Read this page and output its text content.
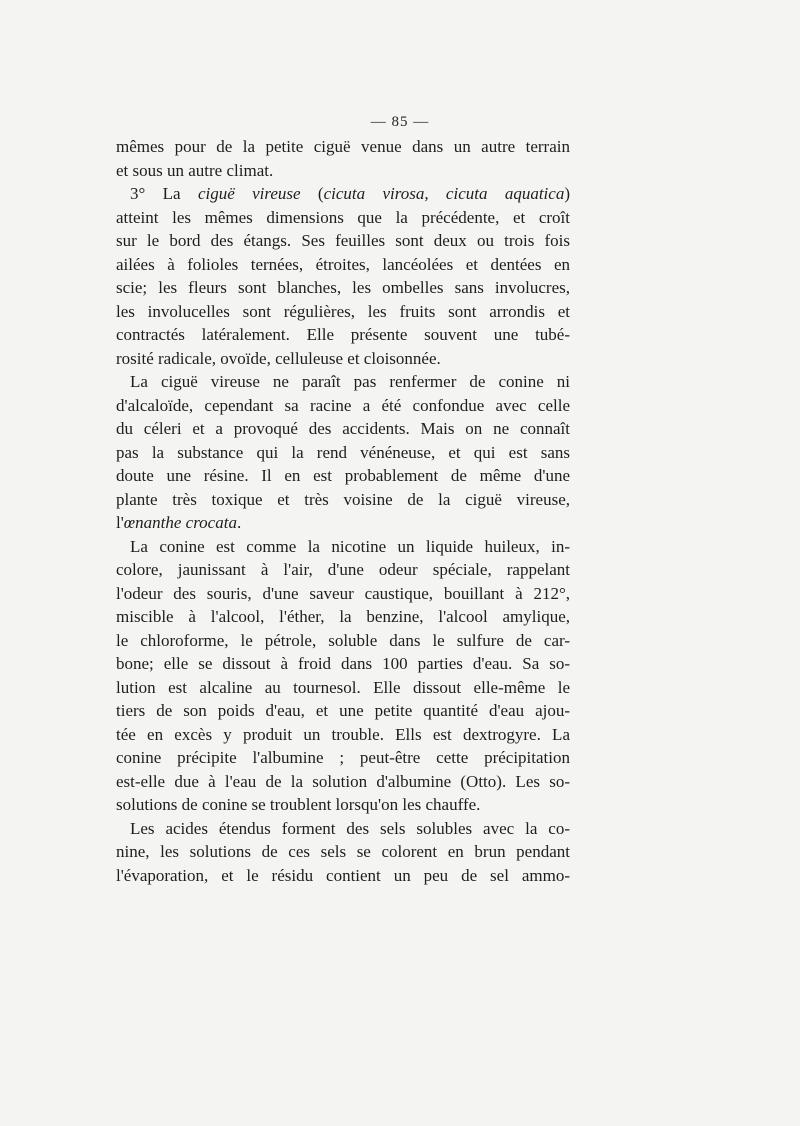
— 85 —
mêmes pour de la petite ciguë venue dans un autre terrain
et sous un autre climat.
3° La ciguë vireuse (cicuta virosa, cicuta aquatica)
atteint les mêmes dimensions que la précédente, et croît
sur le bord des étangs. Ses feuilles sont deux ou trois fois
ailées à folioles ternées, étroites, lancéolées et dentées en
scie; les fleurs sont blanches, les ombelles sans involucres,
les involucelles sont régulières, les fruits sont arrondis et
contractés latéralement. Elle présente souvent une tubé-
rosité radicale, ovoïde, celluleuse et cloisonnée.
La ciguë vireuse ne paraît pas renfermer de conine ni
d'alcaloïde, cependant sa racine a été confondue avec celle
du céleri et a provoqué des accidents. Mais on ne connaît
pas la substance qui la rend vénéneuse, et qui est sans
doute une résine. Il en est probablement de même d'une
plante très toxique et très voisine de la ciguë vireuse,
l'œnanthe crocata.
La conine est comme la nicotine un liquide huileux, in-
colore, jaunissant à l'air, d'une odeur spéciale, rappelant
l'odeur des souris, d'une saveur caustique, bouillant à 212°,
miscible à l'alcool, l'éther, la benzine, l'alcool amylique,
le chloroforme, le pétrole, soluble dans le sulfure de car-
bone; elle se dissout à froid dans 100 parties d'eau. Sa so-
lution est alcaline au tournesol. Elle dissout elle-même le
tiers de son poids d'eau, et une petite quantité d'eau ajou-
tée en excès y produit un trouble. Ells est dextrogyre. La
conine précipite l'albumine ; peut-être cette précipitation
est-elle due à l'eau de la solution d'albumine (Otto). Les so-
solutions de conine se troublent lorsqu'on les chauffe.
Les acides étendus forment des sels solubles avec la co-
nine, les solutions de ces sels se colorent en brun pendant
l'évaporation, et le résidu contient un peu de sel ammo-
